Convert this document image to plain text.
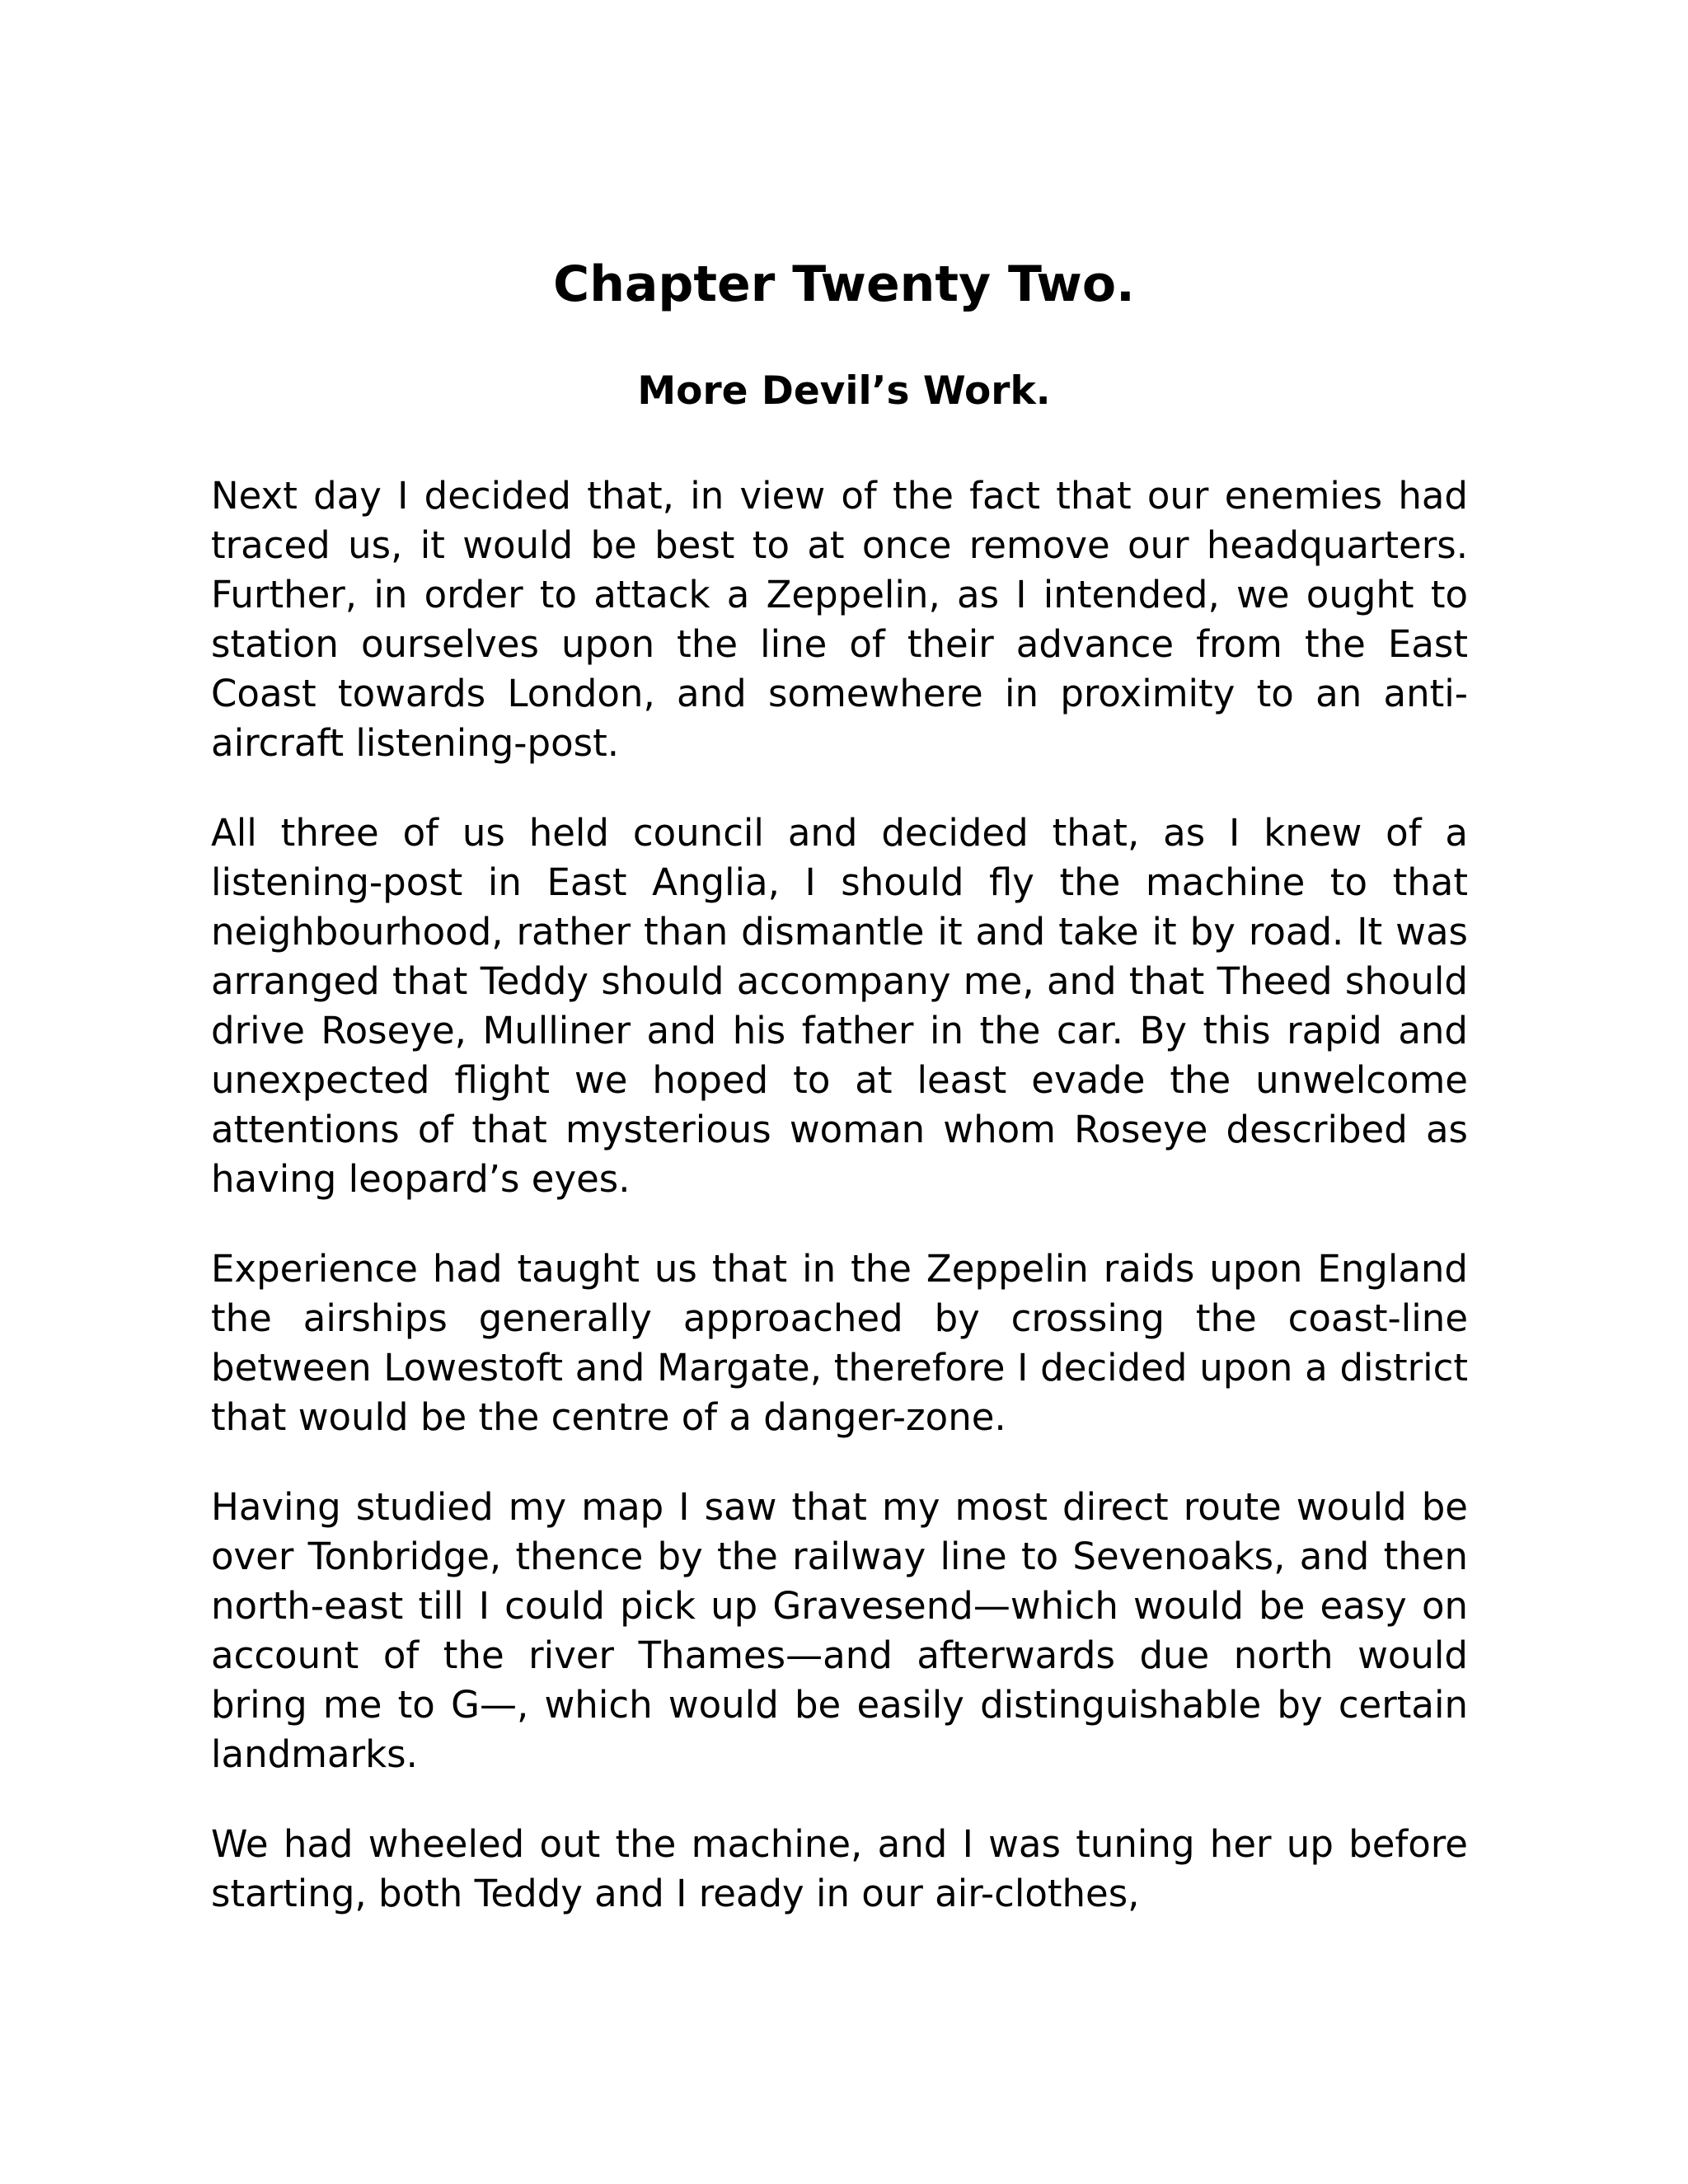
Chapter Twenty Two.
More Devil’s Work.

Next day I decided that, in view of the fact that our enemies had traced us, it would be best to at once remove our headquarters. Further, in order to attack a Zeppelin, as I intended, we ought to station ourselves upon the line of their advance from the East Coast towards London, and somewhere in proximity to an anti-aircraft listening-post.

All three of us held council and decided that, as I knew of a listening-post in East Anglia, I should fly the machine to that neighbourhood, rather than dismantle it and take it by road. It was arranged that Teddy should accompany me, and that Theed should drive Roseye, Mulliner and his father in the car. By this rapid and unexpected flight we hoped to at least evade the unwelcome attentions of that mysterious woman whom Roseye described as having leopard’s eyes.

Experience had taught us that in the Zeppelin raids upon England the airships generally approached by crossing the coast-line between Lowestoft and Margate, therefore I decided upon a district that would be the centre of a danger-zone.

Having studied my map I saw that my most direct route would be over Tonbridge, thence by the railway line to Sevenoaks, and then north-east till I could pick up Gravesend—which would be easy on account of the river Thames—and afterwards due north would bring me to G—, which would be easily distinguishable by certain landmarks.

We had wheeled out the machine, and I was tuning her up before starting, both Teddy and I ready in our air-clothes,
